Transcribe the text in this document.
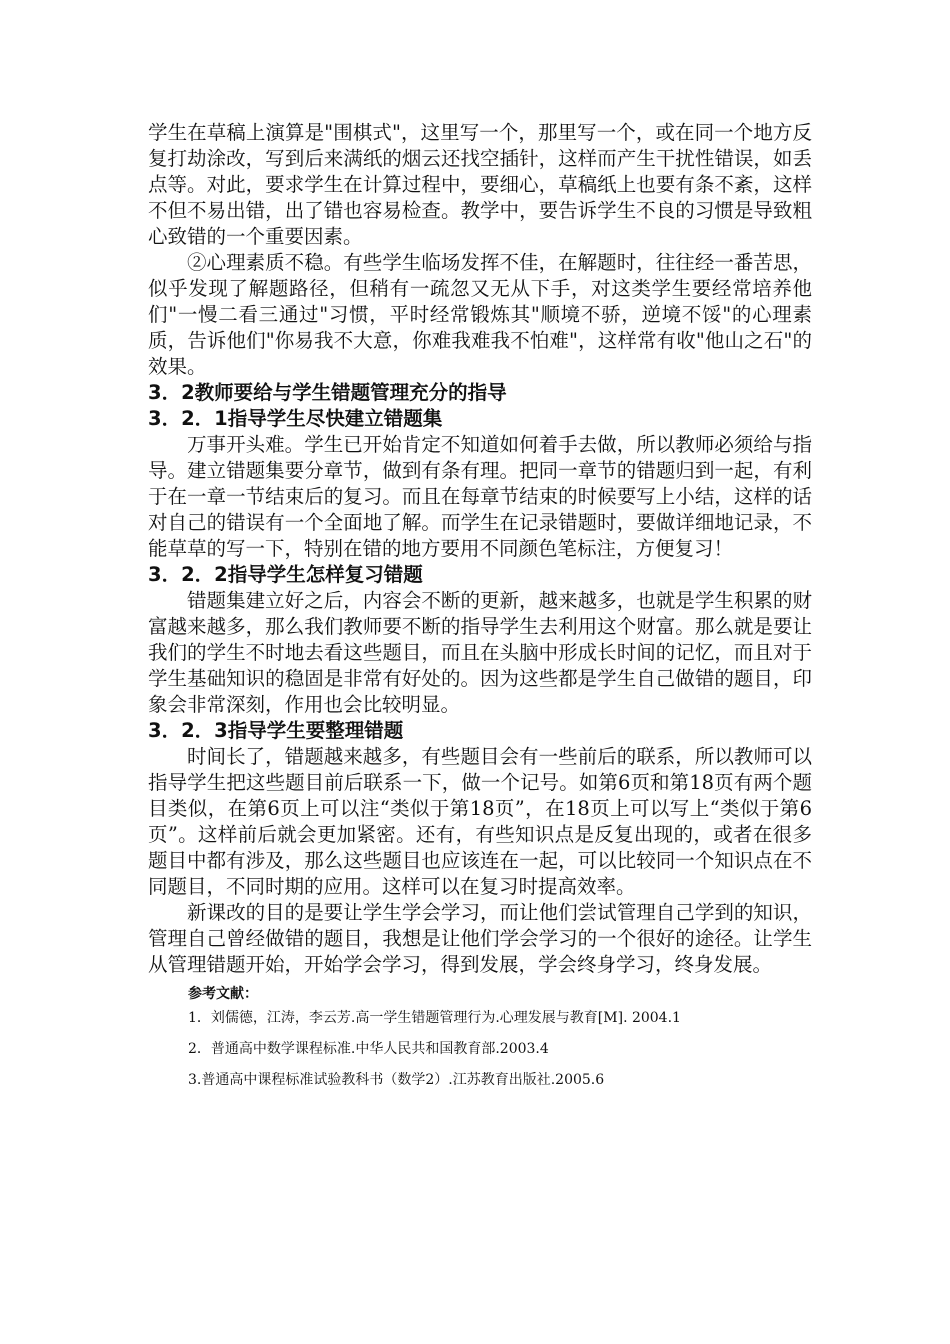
学生在草稿上演算是"围棋式"，这里写一个，那里写一个，或在同一个地方反复打劫涂改，写到后来满纸的烟云还找空插针，这样而产生干扰性错误，如丢点等。对此，要求学生在计算过程中，要细心，草稿纸上也要有条不紊，这样不但不易出错，出了错也容易检查。教学中，要告诉学生不良的习惯是导致粗心致错的一个重要因素。

②心理素质不稳。有些学生临场发挥不佳，在解题时，往往经一番苦思，似乎发现了解题路径，但稍有一疏忽又无从下手，对这类学生要经常培养他们"一慢二看三通过"习惯，平时经常锻炼其"顺境不骄，逆境不馁"的心理素质，告诉他们"你易我不大意，你难我难我不怕难"，这样常有收"他山之石"的效果。

3．2教师要给与学生错题管理充分的指导
3．2．1指导学生尽快建立错题集

万事开头难。学生已开始肯定不知道如何着手去做，所以教师必须给与指导。建立错题集要分章节，做到有条有理。把同一章节的错题归到一起，有利于在一章一节结束后的复习。而且在每章节结束的时候要写上小结，这样的话对自己的错误有一个全面地了解。而学生在记录错题时，要做详细地记录，不能草草的写一下，特别在错的地方要用不同颜色笔标注，方便复习！

3．2．2指导学生怎样复习错题

错题集建立好之后，内容会不断的更新，越来越多，也就是学生积累的财富越来越多，那么我们教师要不断的指导学生去利用这个财富。那么就是要让我们的学生不时地去看这些题目，而且在头脑中形成长时间的记忆，而且对于学生基础知识的稳固是非常有好处的。因为这些都是学生自己做错的题目，印象会非常深刻，作用也会比较明显。

3．2．3指导学生要整理错题

时间长了，错题越来越多，有些题目会有一些前后的联系，所以教师可以指导学生把这些题目前后联系一下，做一个记号。如第6页和第18页有两个题目类似，在第6页上可以注“类似于第18页”，在18页上可以写上“类似于第6页”。这样前后就会更加紧密。还有，有些知识点是反复出现的，或者在很多题目中都有涉及，那么这些题目也应该连在一起，可以比较同一个知识点在不同题目，不同时期的应用。这样可以在复习时提高效率。

新课改的目的是要让学生学会学习，而让他们尝试管理自己学到的知识，管理自己曾经做错的题目，我想是让他们学会学习的一个很好的途径。让学生从管理错题开始，开始学会学习，得到发展，学会终身学习，终身发展。

参考文献：
1．刘儒德，江涛，李云芳.高一学生错题管理行为.心理发展与教育[M]. 2004.1
2．普通高中数学课程标准.中华人民共和国教育部.2003.4
3.普通高中课程标准试验教科书（数学2）.江苏教育出版社.2005.6
